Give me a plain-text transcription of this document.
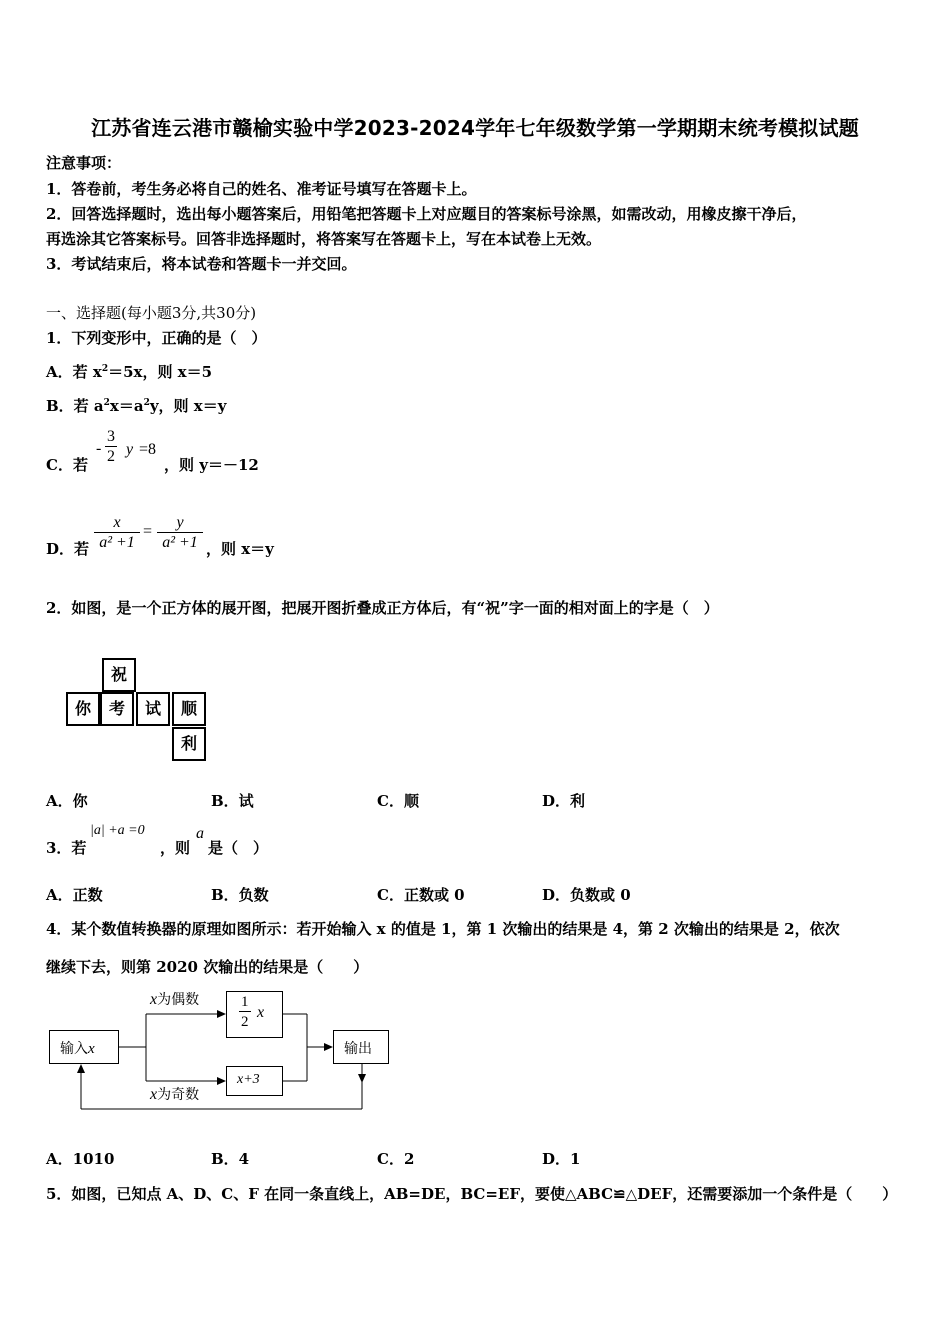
江苏省连云港市赣榆实验中学2023-2024学年七年级数学第一学期期末统考模拟试题
注意事项：
1．答卷前，考生务必将自己的姓名、准考证号填写在答题卡上。
2．回答选择题时，选出每小题答案后，用铅笔把答题卡上对应题目的答案标号涂黑，如需改动，用橡皮擦干净后，
再选涂其它答案标号。回答非选择题时，将答案写在答题卡上，写在本试卷上无效。
3．考试结束后，将本试卷和答题卡一并交回。
一、选择题(每小题3分,共30分)
1．下列变形中，正确的是（　）
A．若 $x^2=5x$，则 x＝5
B．若 $a^2x=a^2y$，则 x＝y
C．若
- $\frac{3}{2}$ y =8
，则 y＝－12
D．若 $\frac{x}{\text{a² +1}} = \frac{y}{\text{a² +1}}$ ，则 x＝y
2．如图，是一个正方体的展开图，把展开图折叠成正方体后，有“祝”字一面的相对面上的字是（　）
祝
你	考	试	顺
利
A．你	B．试	C．顺	D．利
3．若
|a| +a =0
，则
a
是（　）
A．正数	B．负数	C．正数或 0	D．负数或 0
4．某个数值转换器的原理如图所示：若开始输入 x 的值是 1，第 1 次输出的结果是 4，第 2 次输出的结果是 2，依次
继续下去，则第 2020 次输出的结果是（　　）
输入x
x为偶数
x为奇数
$\frac{1}{2}$ x
x+3
输出
A．1010	B．4	C．2	D．1
5．如图，已知点 A、D、C、F 在同一条直线上，AB=DE，BC=EF，要使△ABC≌△DEF，还需要添加一个条件是（　　）
